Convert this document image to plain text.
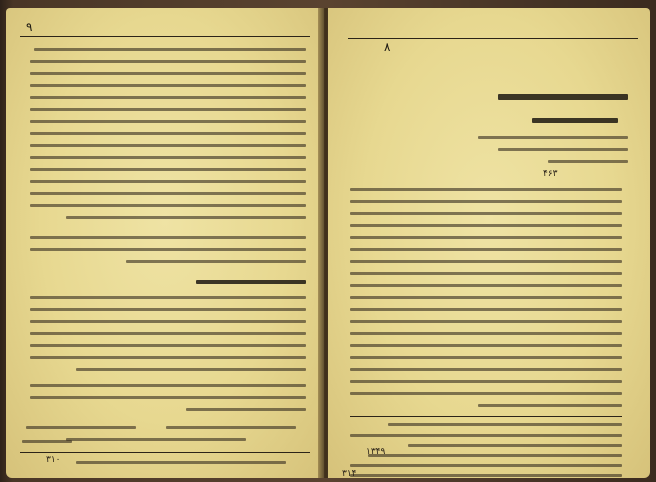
۹
۳۱۰
۸
۴۶۳
۱۳۴۹
۳۱۴
